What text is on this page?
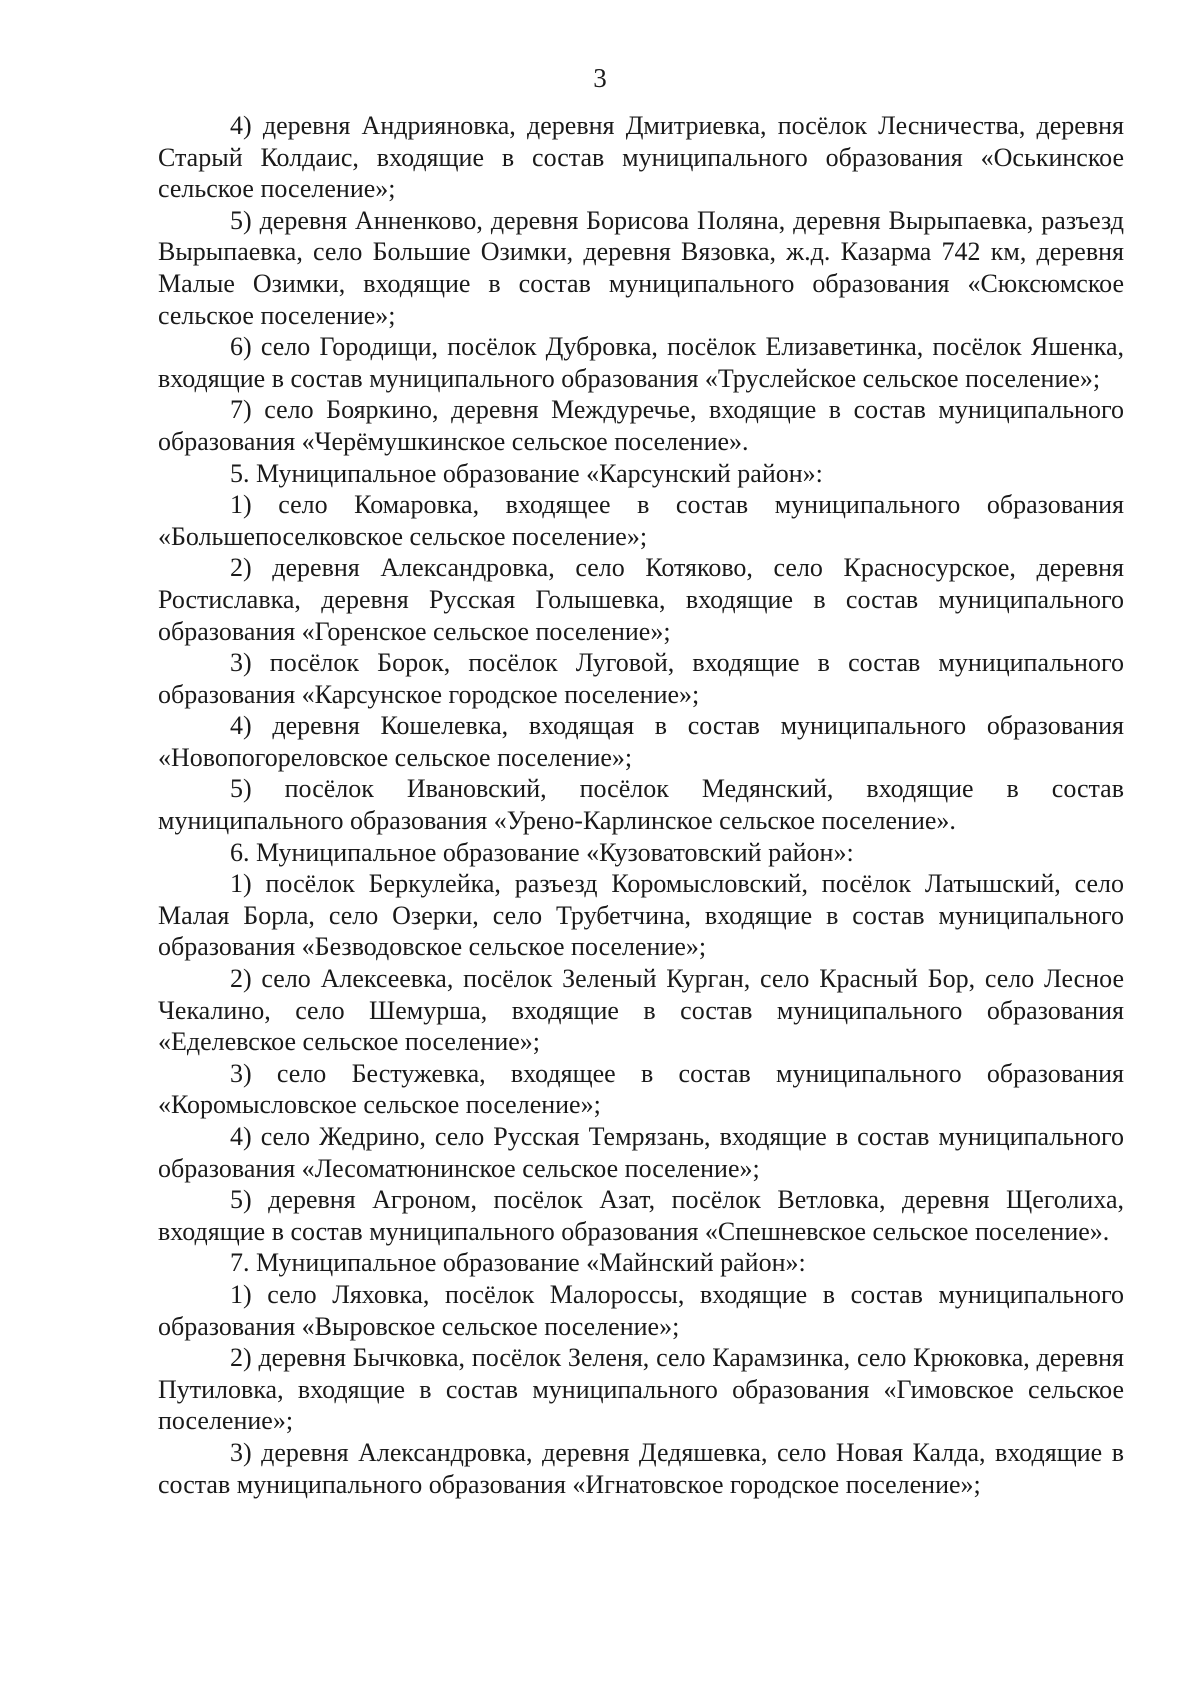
3

4) деревня Андрияновка, деревня Дмитриевка, посёлок Лесничества, деревня Старый Колдаис, входящие в состав муниципального образования «Оськинское сельское поселение»;

5) деревня Анненково, деревня Борисова Поляна, деревня Вырыпаевка, разъезд Вырыпаевка, село Большие Озимки, деревня Вязовка, ж.д. Казарма 742 км, деревня Малые Озимки, входящие в состав муниципального образования «Сюксюмское сельское поселение»;

6) село Городищи, посёлок Дубровка, посёлок Елизаветинка, посёлок Яшенка, входящие в состав муниципального образования «Труслейское сельское поселение»;

7) село Бояркино, деревня Междуречье, входящие в состав муниципального образования «Черёмушкинское сельское поселение».

5. Муниципальное образование «Карсунский район»:

1) село Комаровка, входящее в состав муниципального образования «Большепоселковское сельское поселение»;

2) деревня Александровка, село Котяково, село Красносурское, деревня Ростиславка, деревня Русская Голышевка, входящие в состав муниципального образования «Горенское сельское поселение»;

3) посёлок Борок, посёлок Луговой, входящие в состав муниципального образования «Карсунское городское поселение»;

4) деревня Кошелевка, входящая в состав муниципального образования «Новопогореловское сельское поселение»;

5) посёлок Ивановский, посёлок Медянский, входящие в состав муниципального образования «Урено-Карлинское сельское поселение».

6. Муниципальное образование «Кузоватовский район»:

1) посёлок Беркулейка, разъезд Коромысловский, посёлок Латышский, село Малая Борла, село Озерки, село Трубетчина, входящие в состав муниципального образования «Безводовское сельское поселение»;

2) село Алексеевка, посёлок Зеленый Курган, село Красный Бор, село Лесное Чекалино, село Шемурша, входящие в состав муниципального образования «Еделевское сельское поселение»;

3) село Бестужевка, входящее в состав муниципального образования «Коромысловское сельское поселение»;

4) село Жедрино, село Русская Темрязань, входящие в состав муниципального образования «Лесоматюнинское сельское поселение»;

5) деревня Агроном, посёлок Азат, посёлок Ветловка, деревня Щеголиха, входящие в состав муниципального образования «Спешневское сельское поселение».

7. Муниципальное образование «Майнский район»:

1) село Ляховка, посёлок Малороссы, входящие в состав муниципального образования «Выровское сельское поселение»;

2) деревня Бычковка, посёлок Зеленя, село Карамзинка, село Крюковка, деревня Путиловка, входящие в состав муниципального образования «Гимовское сельское поселение»;

3) деревня Александровка, деревня Дедяшевка, село Новая Калда, входящие в состав муниципального образования «Игнатовское городское поселение»;
